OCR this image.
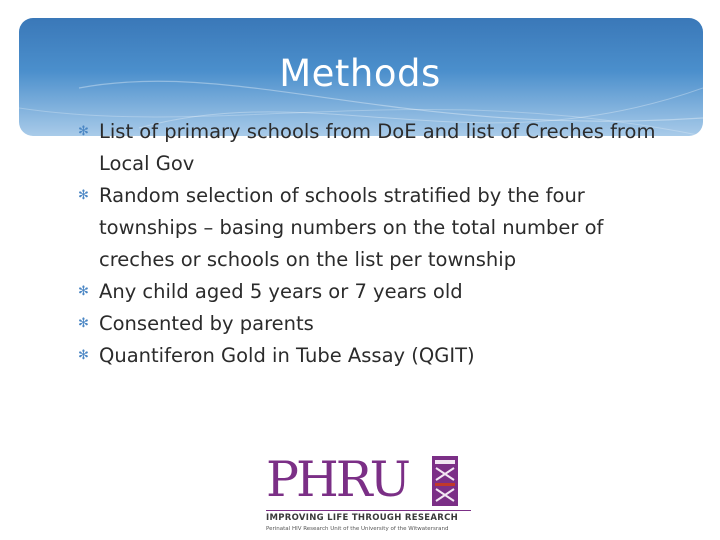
Methods
✻ List of primary schools from DoE and list of Creches from Local Gov
✻ Random selection of schools stratified by the four townships – basing numbers on the total number of creches or schools on the list per township
✻ Any child aged 5 years or 7 years old
✻ Consented by parents
✻ Quantiferon Gold in Tube Assay (QGIT)
PHRU
IMPROVING LIFE THROUGH RESEARCH
Perinatal HIV Research Unit of the University of the Witwatersrand
